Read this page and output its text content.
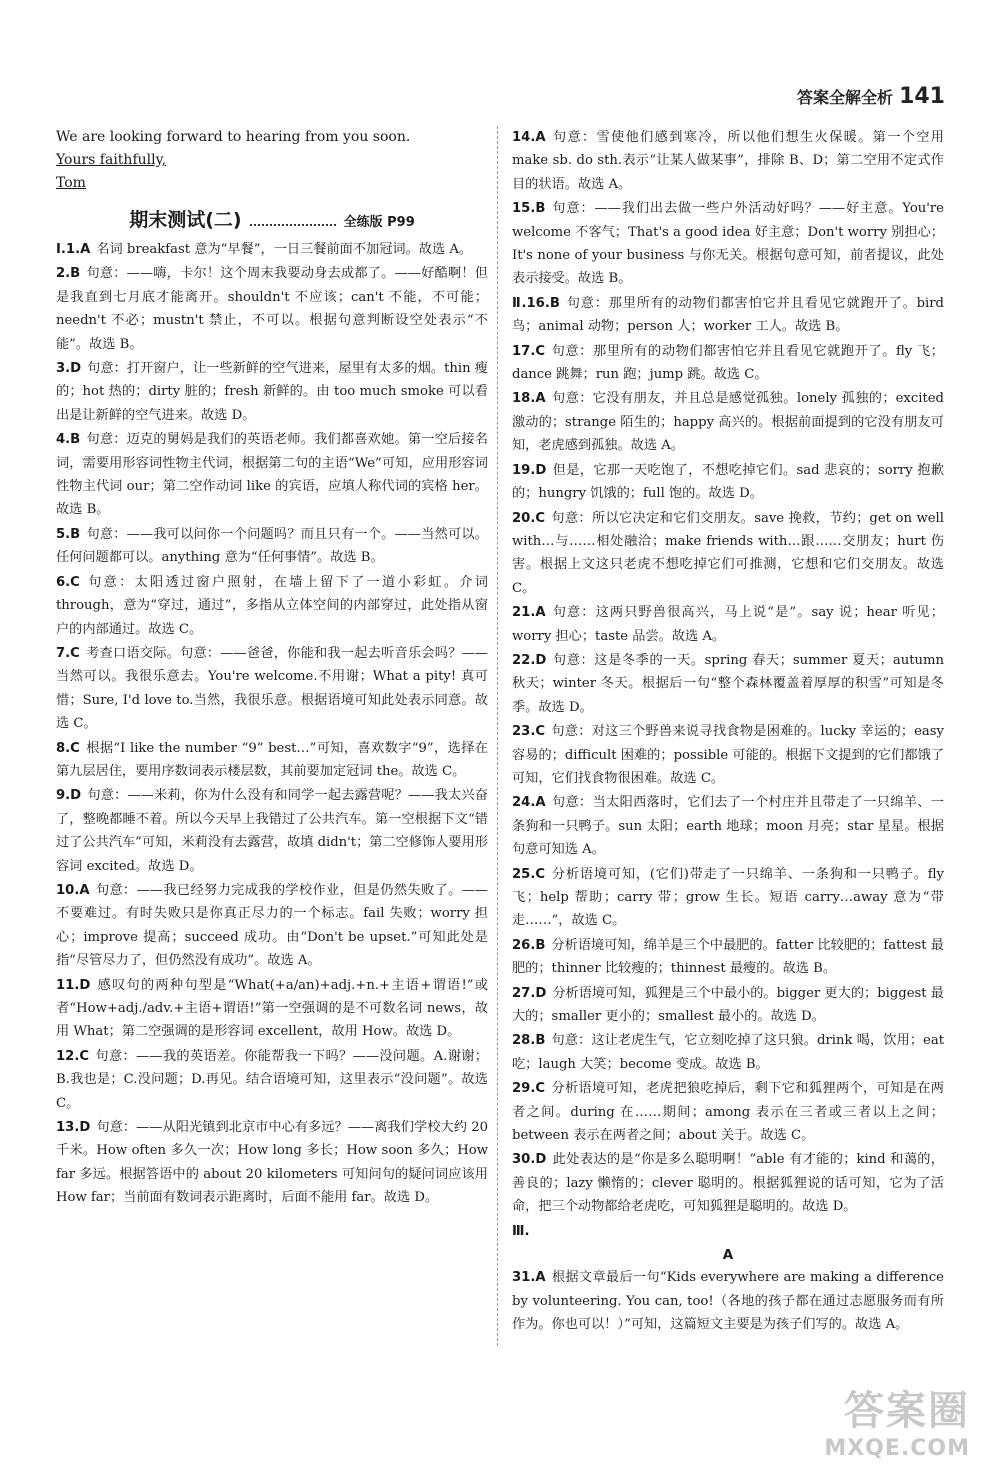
答案全解全析 141
We are looking forward to hearing from you soon.
Yours faithfully,
Tom
期末测试(二)	全练版 P99
Ⅰ.1.A 名词 breakfast 意为“早餐”，一日三餐前面不加冠词。故选 A。
2.B 句意：——嗨，卡尔！这个周末我要动身去成都了。——好酷啊！但是我直到七月底才能离开。shouldn't 不应该；can't 不能，不可能；needn't 不必；mustn't 禁止，不可以。根据句意判断设空处表示“不能”。故选 B。
3.D 句意：打开窗户，让一些新鲜的空气进来，屋里有太多的烟。thin 瘦的；hot 热的；dirty 脏的；fresh 新鲜的。由 too much smoke 可以看出是让新鲜的空气进来。故选 D。
4.B 句意：迈克的舅妈是我们的英语老师。我们都喜欢她。第一空后接名词，需要用形容词性物主代词，根据第二句的主语“We”可知，应用形容词性物主代词 our；第二空作动词 like 的宾语，应填人称代词的宾格 her。故选 B。
5.B 句意：——我可以问你一个问题吗？而且只有一个。——当然可以。任何问题都可以。anything 意为“任何事情”。故选 B。
6.C 句意：太阳透过窗户照射，在墙上留下了一道小彩虹。介词 through，意为“穿过，通过”，多指从立体空间的内部穿过，此处指从窗户的内部通过。故选 C。
7.C 考查口语交际。句意：——爸爸，你能和我一起去听音乐会吗？——当然可以。我很乐意去。You're welcome.不用谢；What a pity! 真可惜；Sure, I'd love to.当然，我很乐意。根据语境可知此处表示同意。故选 C。
8.C 根据“I like the number “9” best…”可知，喜欢数字“9”，选择在第九层居住，要用序数词表示楼层数，其前要加定冠词 the。故选 C。
9.D 句意：——米莉，你为什么没有和同学一起去露营呢？——我太兴奋了，整晚都睡不着。所以今天早上我错过了公共汽车。第一空根据下文“错过了公共汽车”可知，米莉没有去露营，故填 didn't；第二空修饰人要用形容词 excited。故选 D。
10.A 句意：——我已经努力完成我的学校作业，但是仍然失败了。——不要难过。有时失败只是你真正尽力的一个标志。fail 失败；worry 担心；improve 提高；succeed 成功。由“Don't be upset.”可知此处是指“尽管尽力了，但仍然没有成功”。故选 A。
11.D 感叹句的两种句型是“What(+a/an)+adj.+n.+主语+谓语!”或者“How+adj./adv.+主语+谓语!”第一空强调的是不可数名词 news，故用 What；第二空强调的是形容词 excellent，故用 How。故选 D。
12.C 句意：——我的英语差。你能帮我一下吗？——没问题。A.谢谢；B.我也是；C.没问题；D.再见。结合语境可知，这里表示“没问题”。故选 C。
13.D 句意：——从阳光镇到北京市中心有多远？——离我们学校大约 20 千米。How often 多久一次；How long 多长；How soon 多久；How far 多远。根据答语中的 about 20 kilometers 可知问句的疑问词应该用 How far；当前面有数词表示距离时，后面不能用 far。故选 D。
14.A 句意：雪使他们感到寒冷，所以他们想生火保暖。第一个空用 make sb. do sth.表示“让某人做某事”，排除 B、D；第二空用不定式作目的状语。故选 A。
15.B 句意：——我们出去做一些户外活动好吗？——好主意。You're welcome 不客气；That's a good idea 好主意；Don't worry 别担心；It's none of your business 与你无关。根据句意可知，前者提议，此处表示接受。故选 B。
Ⅱ.16.B 句意：那里所有的动物们都害怕它并且看见它就跑开了。bird 鸟；animal 动物；person 人；worker 工人。故选 B。
17.C 句意：那里所有的动物们都害怕它并且看见它就跑开了。fly 飞；dance 跳舞；run 跑；jump 跳。故选 C。
18.A 句意：它没有朋友，并且总是感觉孤独。lonely 孤独的；excited 激动的；strange 陌生的；happy 高兴的。根据前面提到的它没有朋友可知，老虎感到孤独。故选 A。
19.D 但是，它那一天吃饱了，不想吃掉它们。sad 悲哀的；sorry 抱歉的；hungry 饥饿的；full 饱的。故选 D。
20.C 句意：所以它决定和它们交朋友。save 挽救，节约；get on well with…与……相处融洽；make friends with…跟……交朋友；hurt 伤害。根据上文这只老虎不想吃掉它们可推测，它想和它们交朋友。故选 C。
21.A 句意：这两只野兽很高兴，马上说“是”。say 说；hear 听见；worry 担心；taste 品尝。故选 A。
22.D 句意：这是冬季的一天。spring 春天；summer 夏天；autumn 秋天；winter 冬天。根据后一句“整个森林覆盖着厚厚的积雪”可知是冬季。故选 D。
23.C 句意：对这三个野兽来说寻找食物是困难的。lucky 幸运的；easy 容易的；difficult 困难的；possible 可能的。根据下文提到的它们都饿了可知，它们找食物很困难。故选 C。
24.A 句意：当太阳西落时，它们去了一个村庄并且带走了一只绵羊、一条狗和一只鸭子。sun 太阳；earth 地球；moon 月亮；star 星星。根据句意可知选 A。
25.C 分析语境可知，(它们)带走了一只绵羊、一条狗和一只鸭子。fly 飞；help 帮助；carry 带；grow 生长。短语 carry…away 意为“带走……”，故选 C。
26.B 分析语境可知，绵羊是三个中最肥的。fatter 比较肥的；fattest 最肥的；thinner 比较瘦的；thinnest 最瘦的。故选 B。
27.D 分析语境可知，狐狸是三个中最小的。bigger 更大的；biggest 最大的；smaller 更小的；smallest 最小的。故选 D。
28.B 句意：这让老虎生气，它立刻吃掉了这只狼。drink 喝，饮用；eat 吃；laugh 大笑；become 变成。故选 B。
29.C 分析语境可知，老虎把狼吃掉后，剩下它和狐狸两个，可知是在两者之间。during 在……期间；among 表示在三者或三者以上之间；between 表示在两者之间；about 关于。故选 C。
30.D 此处表达的是“你是多么聪明啊！”able 有才能的；kind 和蔼的，善良的；lazy 懒惰的；clever 聪明的。根据狐狸说的话可知，它为了活命，把三个动物都给老虎吃，可知狐狸是聪明的。故选 D。
Ⅲ.
A
31.A 根据文章最后一句“Kids everywhere are making a difference by volunteering. You can, too!（各地的孩子都在通过志愿服务而有所作为。你也可以！）”可知，这篇短文主要是为孩子们写的。故选 A。
答案圈
MXQE.COM
